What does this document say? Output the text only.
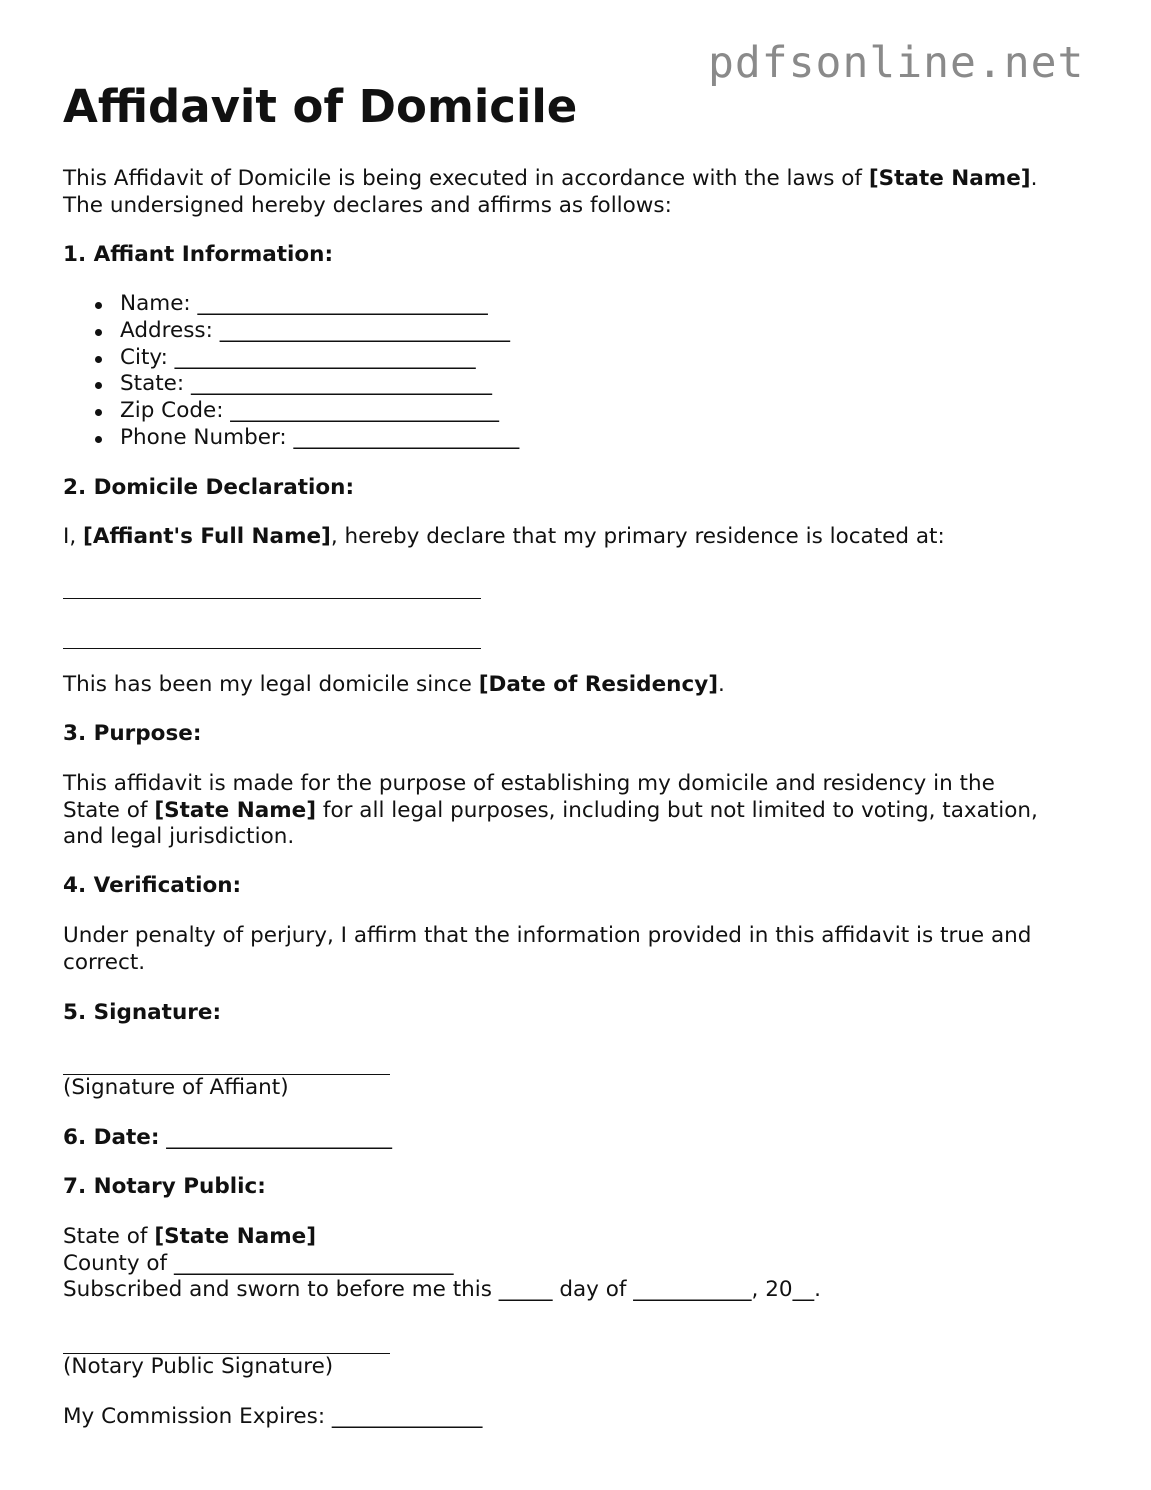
pdfsonline.net
Affidavit of Domicile
This Affidavit of Domicile is being executed in accordance with the laws of [State Name].
The undersigned hereby declares and affirms as follows:
1. Affiant Information:
Name: ___________________________
Address: ___________________________
City: ____________________________
State: ____________________________
Zip Code: _________________________
Phone Number: _____________________
2. Domicile Declaration:
I, [Affiant's Full Name], hereby declare that my primary residence is located at:
This has been my legal domicile since [Date of Residency].
3. Purpose:
This affidavit is made for the purpose of establishing my domicile and residency in the
State of [State Name] for all legal purposes, including but not limited to voting, taxation,
and legal jurisdiction.
4. Verification:
Under penalty of perjury, I affirm that the information provided in this affidavit is true and
correct.
5. Signature:
(Signature of Affiant)
6. Date: _____________________
7. Notary Public:
State of [State Name]
County of __________________________
Subscribed and sworn to before me this _____ day of ___________, 20__.
(Notary Public Signature)
My Commission Expires: ______________
